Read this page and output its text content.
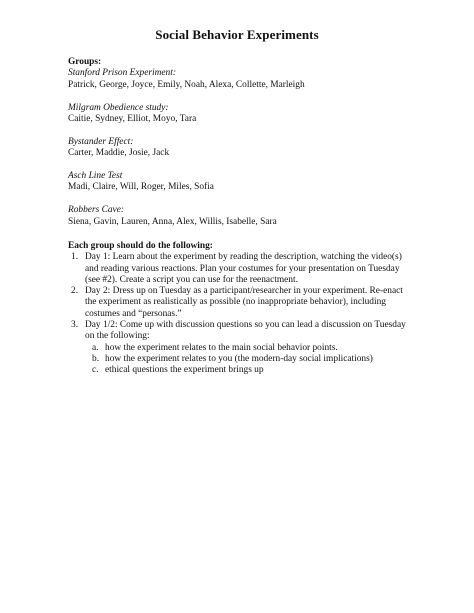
Social Behavior Experiments
Groups:
Stanford Prison Experiment:
Patrick, George, Joyce, Emily, Noah, Alexa, Collette, Marleigh
Milgram Obedience study:
Caitie, Sydney, Elliot, Moyo, Tara
Bystander Effect:
Carter, Maddie, Josie, Jack
Asch Line Test
Madi, Claire, Will, Roger, Miles, Sofia
Robbers Cave:
Siena, Gavin, Lauren, Anna, Alex, Willis, Isabelle, Sara
Each group should do the following:
1. Day 1: Learn about the experiment by reading the description, watching the video(s) and reading various reactions. Plan your costumes for your presentation on Tuesday (see #2). Create a script you can use for the reenactment.
2. Day 2: Dress up on Tuesday as a participant/researcher in your experiment. Re-enact the experiment as realistically as possible (no inappropriate behavior), including costumes and “personas.”
3. Day 1/2: Come up with discussion questions so you can lead a discussion on Tuesday on the following:
a. how the experiment relates to the main social behavior points.
b. how the experiment relates to you (the modern-day social implications)
c. ethical questions the experiment brings up
